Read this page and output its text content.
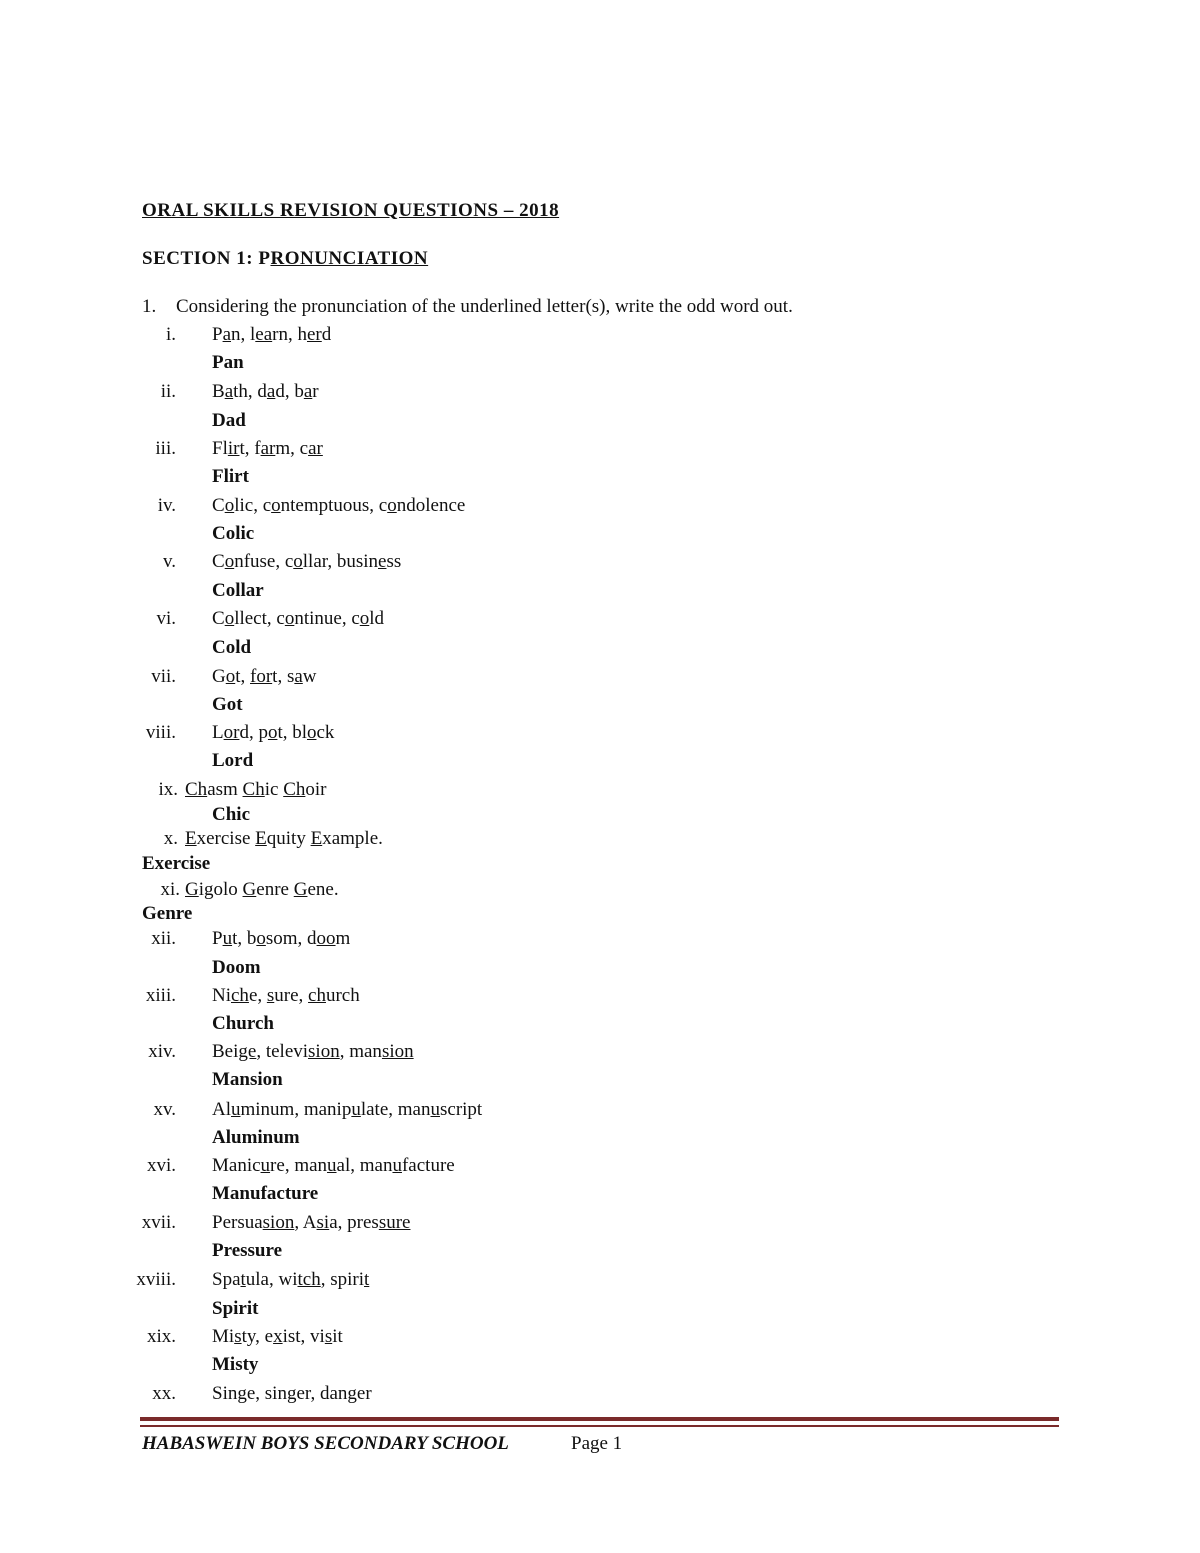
ORAL SKILLS REVISION QUESTIONS – 2018
SECTION 1: PRONUNCIATION
1. Considering the pronunciation of the underlined letter(s), write the odd word out.
i. Pan, learn, herd
Pan
ii. Bath, dad, bar
Dad
iii. Flirt, farm, car
Flirt
iv. Colic, contemptuous, condolence
Colic
v. Confuse, collar, business
Collar
vi. Collect, continue, cold
Cold
vii. Got, fort, saw
Got
viii. Lord, pot, block
Lord
ix. Chasm Chic Choir
Chic
x. Exercise Equity Example.
Exercise
xi. Gigolo Genre Gene.
Genre
xii. Put, bosom, doom
Doom
xiii. Niche, sure, church
Church
xiv. Beige, television, mansion
Mansion
xv. Aluminum, manipulate, manuscript
Aluminum
xvi. Manicure, manual, manufacture
Manufacture
xvii. Persuasion, Asia, pressure
Pressure
xviii. Spatula, witch, spirit
Spirit
xix. Misty, exist, visit
Misty
xx. Singe, singer, danger
HABASWEIN BOYS SECONDARY SCHOOL	Page 1
